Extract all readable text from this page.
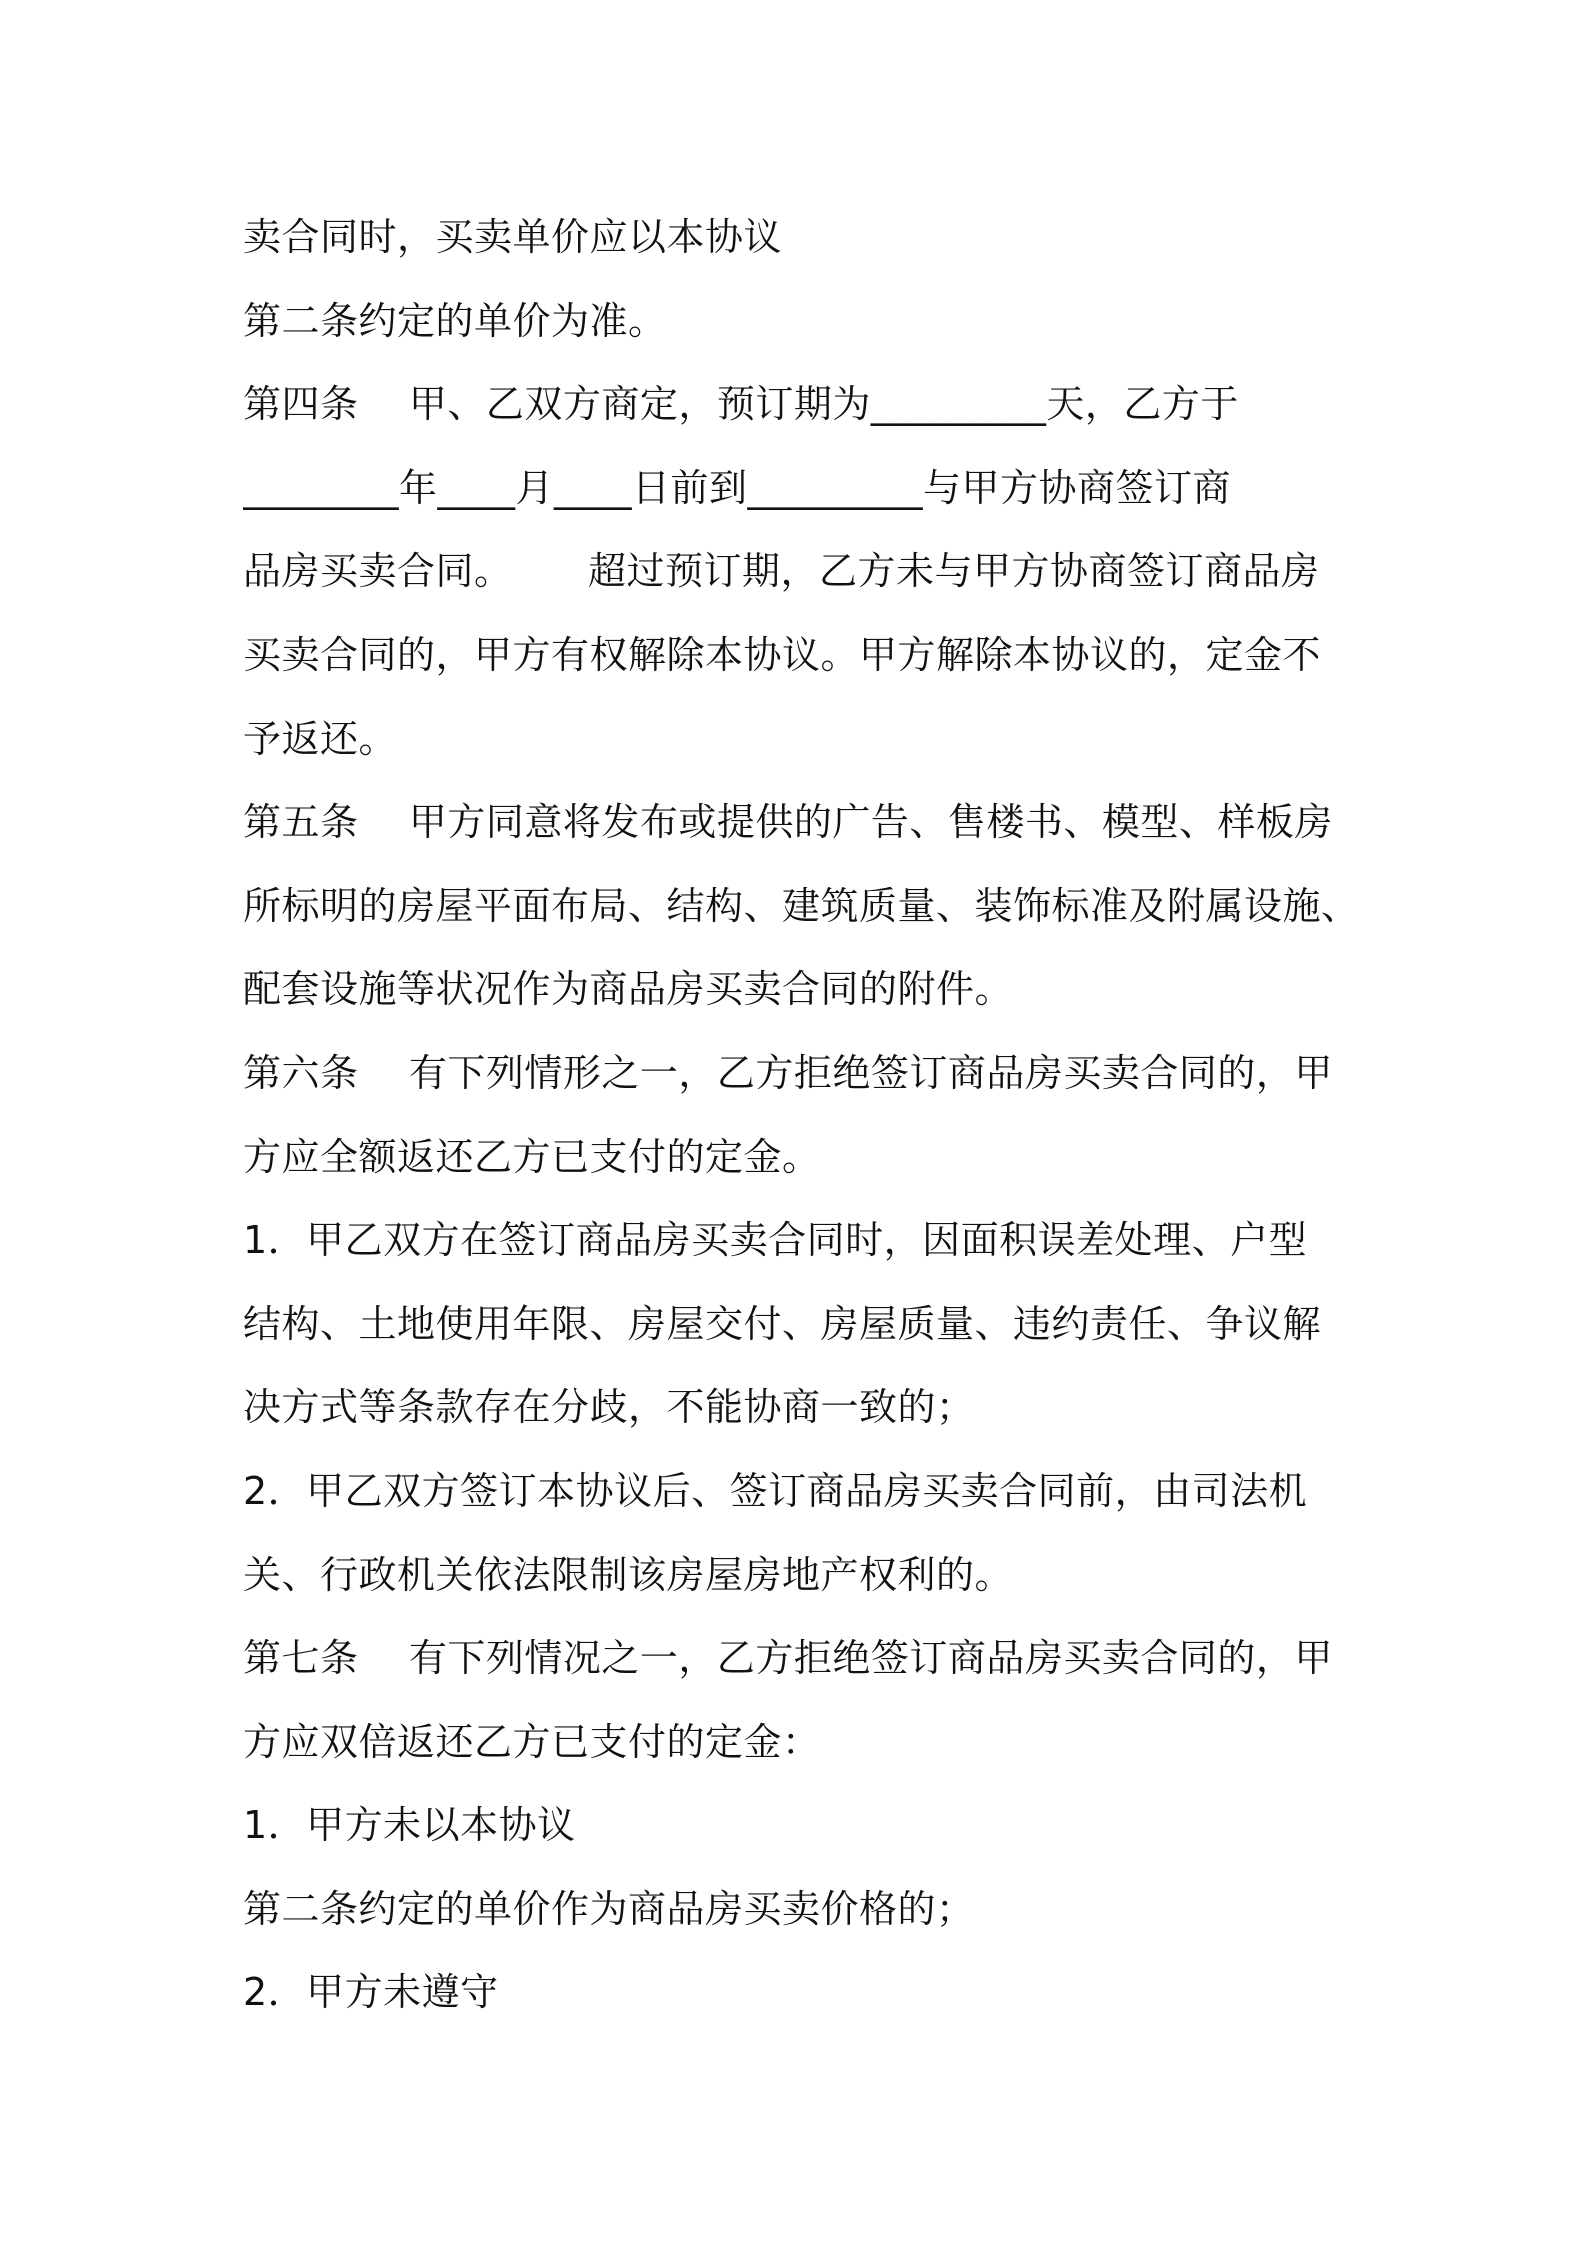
卖合同时，买卖单价应以本协议
第二条约定的单价为准。
第四条    甲、乙双方商定，预订期为_________天，乙方于
________年____月____日前到_________与甲方协商签订商
品房买卖合同。      超过预订期，乙方未与甲方协商签订商品房
买卖合同的，甲方有权解除本协议。甲方解除本协议的，定金不
予返还。
第五条    甲方同意将发布或提供的广告、售楼书、模型、样板房
所标明的房屋平面布局、结构、建筑质量、装饰标准及附属设施、
配套设施等状况作为商品房买卖合同的附件。
第六条    有下列情形之一，乙方拒绝签订商品房买卖合同的，甲
方应全额返还乙方已支付的定金。
1．甲乙双方在签订商品房买卖合同时，因面积误差处理、户型
结构、土地使用年限、房屋交付、房屋质量、违约责任、争议解
决方式等条款存在分歧，不能协商一致的；
2．甲乙双方签订本协议后、签订商品房买卖合同前，由司法机
关、行政机关依法限制该房屋房地产权利的。
第七条    有下列情况之一，乙方拒绝签订商品房买卖合同的，甲
方应双倍返还乙方已支付的定金：
1．甲方未以本协议
第二条约定的单价作为商品房买卖价格的；
2．甲方未遵守
